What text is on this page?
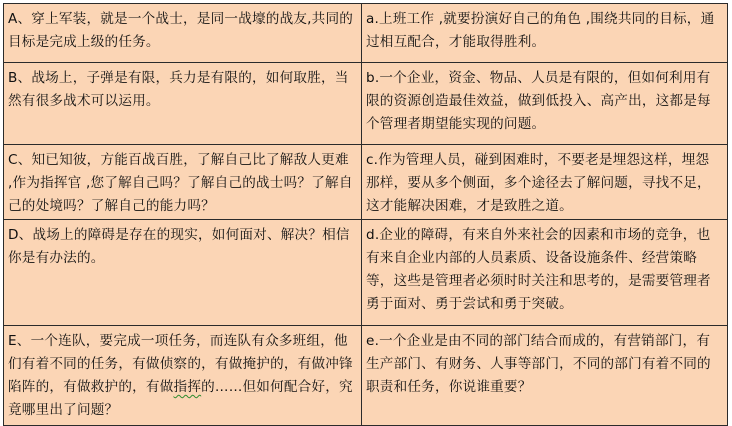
A、穿上军装，就是一个战士，是同一战壕的战友,共同的目标是完成上级的任务。	a.上班工作 ,就要扮演好自己的角色 ,围绕共同的目标，通过相互配合，才能取得胜利。
B、战场上，子弹是有限，兵力是有限的，如何取胜，当然有很多战术可以运用。	b.一个企业，资金、物品、人员是有限的，但如何利用有限的资源创造最佳效益，做到低投入、高产出，这都是每个管理者期望能实现的问题。
C、知已知彼，方能百战百胜，了解自己比了解敌人更难 ,作为指挥官 ,您了解自己吗？了解自己的战士吗？了解自己的处境吗？了解自己的能力吗？	c.作为管理人员，碰到困难时，不要老是埋怨这样，埋怨那样，要从多个侧面，多个途径去了解问题，寻找不足，这才能解决困难，才是致胜之道。
D、战场上的障碍是存在的现实，如何面对、解决？相信你是有办法的。	d.企业的障碍，有来自外来社会的因素和市场的竞争，也有来自企业内部的人员素质、设备设施条件、经营策略等，这些是管理者必须时时关注和思考的，是需要管理者勇于面对、勇于尝试和勇于突破。
E、一个连队，要完成一项任务，而连队有众多班组，他们有着不同的任务，有做侦察的，有做掩护的，有做冲锋陷阵的，有做救护的，有做指挥的……但如何配合好，究竟哪里出了问题？	e.一个企业是由不同的部门结合而成的，有营销部门，有生产部门、有财务、人事等部门，不同的部门有着不同的职责和任务，你说谁重要？
